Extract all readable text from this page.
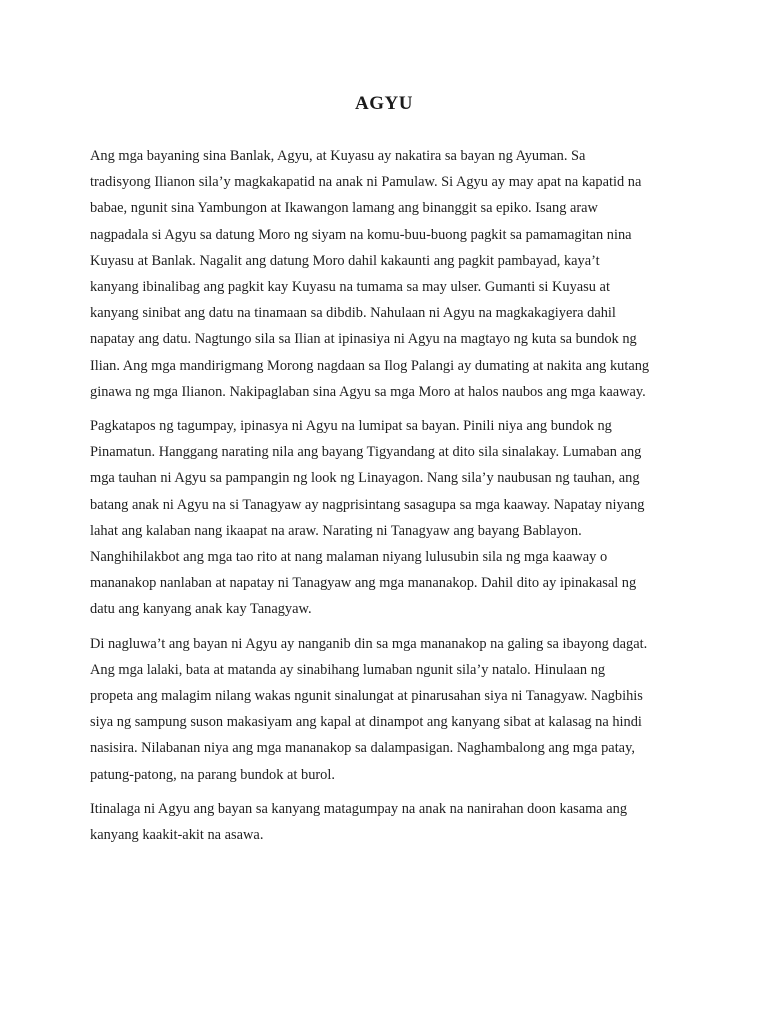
AGYU

Ang mga bayaning sina Banlak, Agyu, at Kuyasu ay nakatira sa bayan ng Ayuman. Sa
tradisyong Ilianon sila’y magkakapatid na anak ni Pamulaw. Si Agyu ay may apat na kapatid na
babae, ngunit sina Yambungon at Ikawangon lamang ang binanggit sa epiko. Isang araw
nagpadala si Agyu sa datung Moro ng siyam na komu-buu-buong pagkit sa pamamagitan nina
Kuyasu at Banlak. Nagalit ang datung Moro dahil kakaunti ang pagkit pambayad, kaya’t
kanyang ibinalibag ang pagkit kay Kuyasu na tumama sa may ulser. Gumanti si Kuyasu at
kanyang sinibat ang datu na tinamaan sa dibdib. Nahulaan ni Agyu na magkakagiyera dahil
napatay ang datu. Nagtungo sila sa Ilian at ipinasiya ni Agyu na magtayo ng kuta sa bundok ng
Ilian. Ang mga mandirigmang Morong nagdaan sa Ilog Palangi ay dumating at nakita ang kutang
ginawa ng mga Ilianon. Nakipaglaban sina Agyu sa mga Moro at halos naubos ang mga kaaway.

Pagkatapos ng tagumpay, ipinasya ni Agyu na lumipat sa bayan. Pinili niya ang bundok ng
Pinamatun. Hanggang narating nila ang bayang Tigyandang at dito sila sinalakay. Lumaban ang
mga tauhan ni Agyu sa pampangin ng look ng Linayagon. Nang sila’y naubusan ng tauhan, ang
batang anak ni Agyu na si Tanagyaw ay nagprisintang sasagupa sa mga kaaway. Napatay niyang
lahat ang kalaban nang ikaapat na araw. Narating ni Tanagyaw ang bayang Bablayon.
Nanghihilakbot ang mga tao rito at nang malaman niyang lulusubin sila ng mga kaaway o
mananakop nanlaban at napatay ni Tanagyaw ang mga mananakop. Dahil dito ay ipinakasal ng
datu ang kanyang anak kay Tanagyaw.

Di nagluwa’t ang bayan ni Agyu ay nanganib din sa mga mananakop na galing sa ibayong dagat.
Ang mga lalaki, bata at matanda ay sinabihang lumaban ngunit sila’y natalo. Hinulaan ng
propeta ang malagim nilang wakas ngunit sinalungat at pinarusahan siya ni Tanagyaw. Nagbihis
siya ng sampung suson makasiyam ang kapal at dinampot ang kanyang sibat at kalasag na hindi
nasisira. Nilabanan niya ang mga mananakop sa dalampasigan. Naghambalong ang mga patay,
patung-patong, na parang bundok at burol.

Itinalaga ni Agyu ang bayan sa kanyang matagumpay na anak na nanirahan doon kasama ang
kanyang kaakit-akit na asawa.
